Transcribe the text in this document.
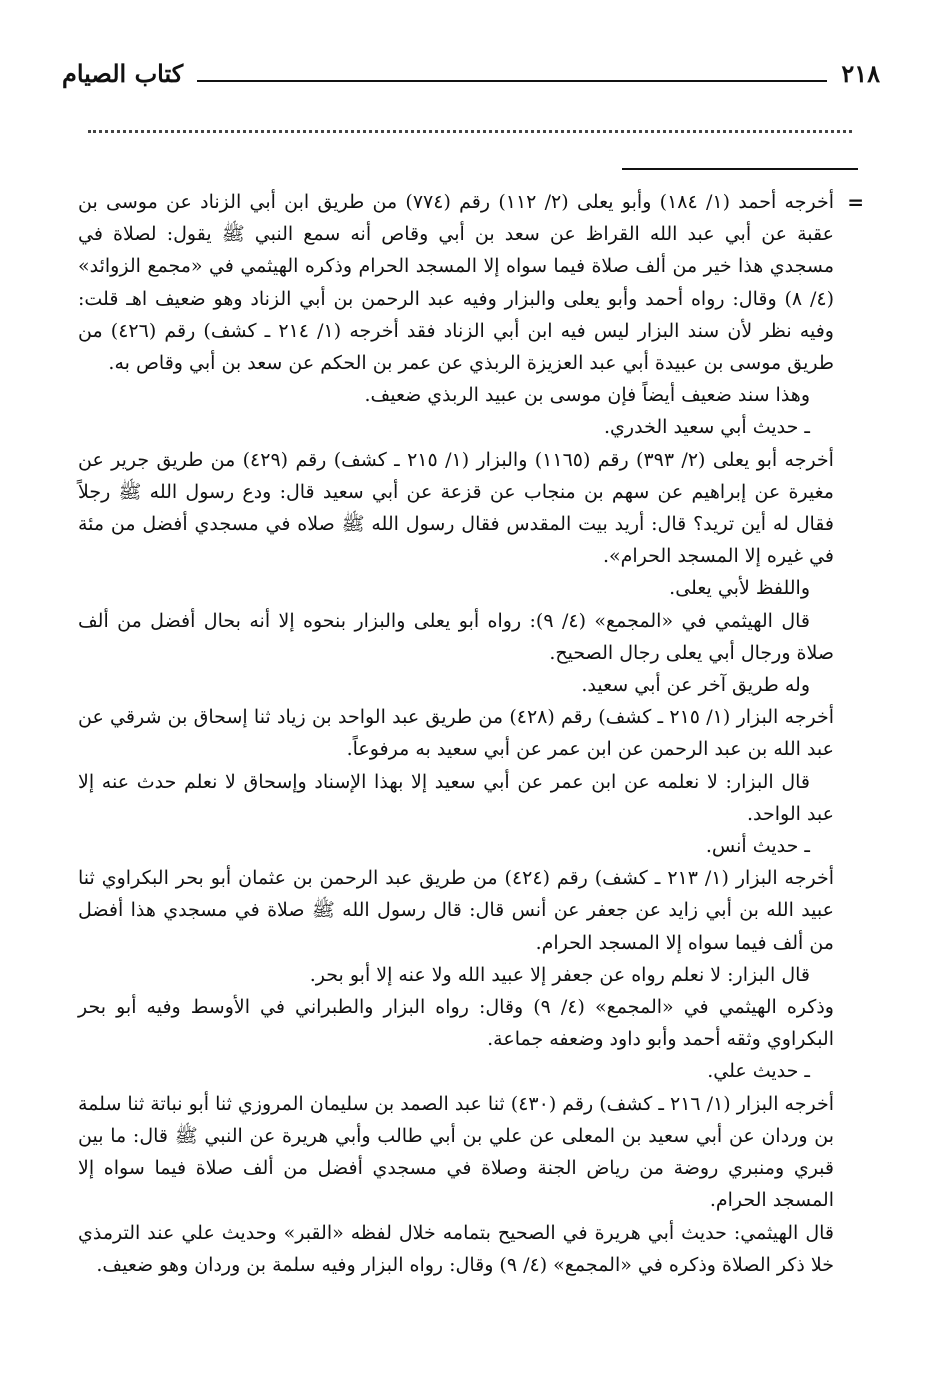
٢١٨
كتاب الصيام
=

أخرجه أحمد (١/ ١٨٤) وأبو يعلى (٢/ ١١٢) رقم (٧٧٤) من طريق ابن أبي الزناد عن موسى بن عقبة عن أبي عبد الله القراظ عن سعد بن أبي وقاص أنه سمع النبي ﷺ يقول: لصلاة في مسجدي هذا خير من ألف صلاة فيما سواه إلا المسجد الحرام وذكره الهيثمي في «مجمع الزوائد» (٤/ ٨) وقال: رواه أحمد وأبو يعلى والبزار وفيه عبد الرحمن بن أبي الزناد وهو ضعيف اهـ قلت: وفيه نظر لأن سند البزار ليس فيه ابن أبي الزناد فقد أخرجه (١/ ٢١٤ ـ كشف) رقم (٤٢٦) من طريق موسى بن عبيدة أبي عبد العزيزة الربذي عن عمر بن الحكم عن سعد بن أبي وقاص به.

وهذا سند ضعيف أيضاً فإن موسى بن عبيد الربذي ضعيف.

ـ حديث أبي سعيد الخدري.

أخرجه أبو يعلى (٢/ ٣٩٣) رقم (١١٦٥) والبزار (١/ ٢١٥ ـ كشف) رقم (٤٢٩) من طريق جرير عن مغيرة عن إبراهيم عن سهم بن منجاب عن قزعة عن أبي سعيد قال: ودع رسول الله ﷺ رجلاً فقال له أين تريد؟ قال: أريد بيت المقدس فقال رسول الله ﷺ صلاه في مسجدي أفضل من مئة في غيره إلا المسجد الحرام».

واللفظ لأبي يعلى.

قال الهيثمي في «المجمع» (٤/ ٩): رواه أبو يعلى والبزار بنحوه إلا أنه بحال أفضل من ألف صلاة ورجال أبي يعلى رجال الصحيح.

وله طريق آخر عن أبي سعيد.

أخرجه البزار (١/ ٢١٥ ـ كشف) رقم (٤٢٨) من طريق عبد الواحد بن زياد ثنا إسحاق بن شرقي عن عبد الله بن عبد الرحمن عن ابن عمر عن أبي سعيد به مرفوعاً.

قال البزار: لا نعلمه عن ابن عمر عن أبي سعيد إلا بهذا الإسناد وإسحاق لا نعلم حدث عنه إلا عبد الواحد.

ـ حديث أنس.

أخرجه البزار (١/ ٢١٣ ـ كشف) رقم (٤٢٤) من طريق عبد الرحمن بن عثمان أبو بحر البكراوي ثنا عبيد الله بن أبي زايد عن جعفر عن أنس قال: قال رسول الله ﷺ صلاة في مسجدي هذا أفضل من ألف فيما سواه إلا المسجد الحرام.

قال البزار: لا نعلم رواه عن جعفر إلا عبيد الله ولا عنه إلا أبو بحر.

وذكره الهيثمي في «المجمع» (٤/ ٩) وقال: رواه البزار والطبراني في الأوسط وفيه أبو بحر البكراوي وثقه أحمد وأبو داود وضعفه جماعة.

ـ حديث علي.

أخرجه البزار (١/ ٢١٦ ـ كشف) رقم (٤٣٠) ثنا عبد الصمد بن سليمان المروزي ثنا أبو نباتة ثنا سلمة بن وردان عن أبي سعيد بن المعلى عن علي بن أبي طالب وأبي هريرة عن النبي ﷺ قال: ما بين قبري ومنبري روضة من رياض الجنة وصلاة في مسجدي أفضل من ألف صلاة فيما سواه إلا المسجد الحرام.

قال الهيثمي: حديث أبي هريرة في الصحيح بتمامه خلال لفظه «القبر» وحديث علي عند الترمذي خلا ذكر الصلاة وذكره في «المجمع» (٤/ ٩) وقال: رواه البزار وفيه سلمة بن وردان وهو ضعيف.
